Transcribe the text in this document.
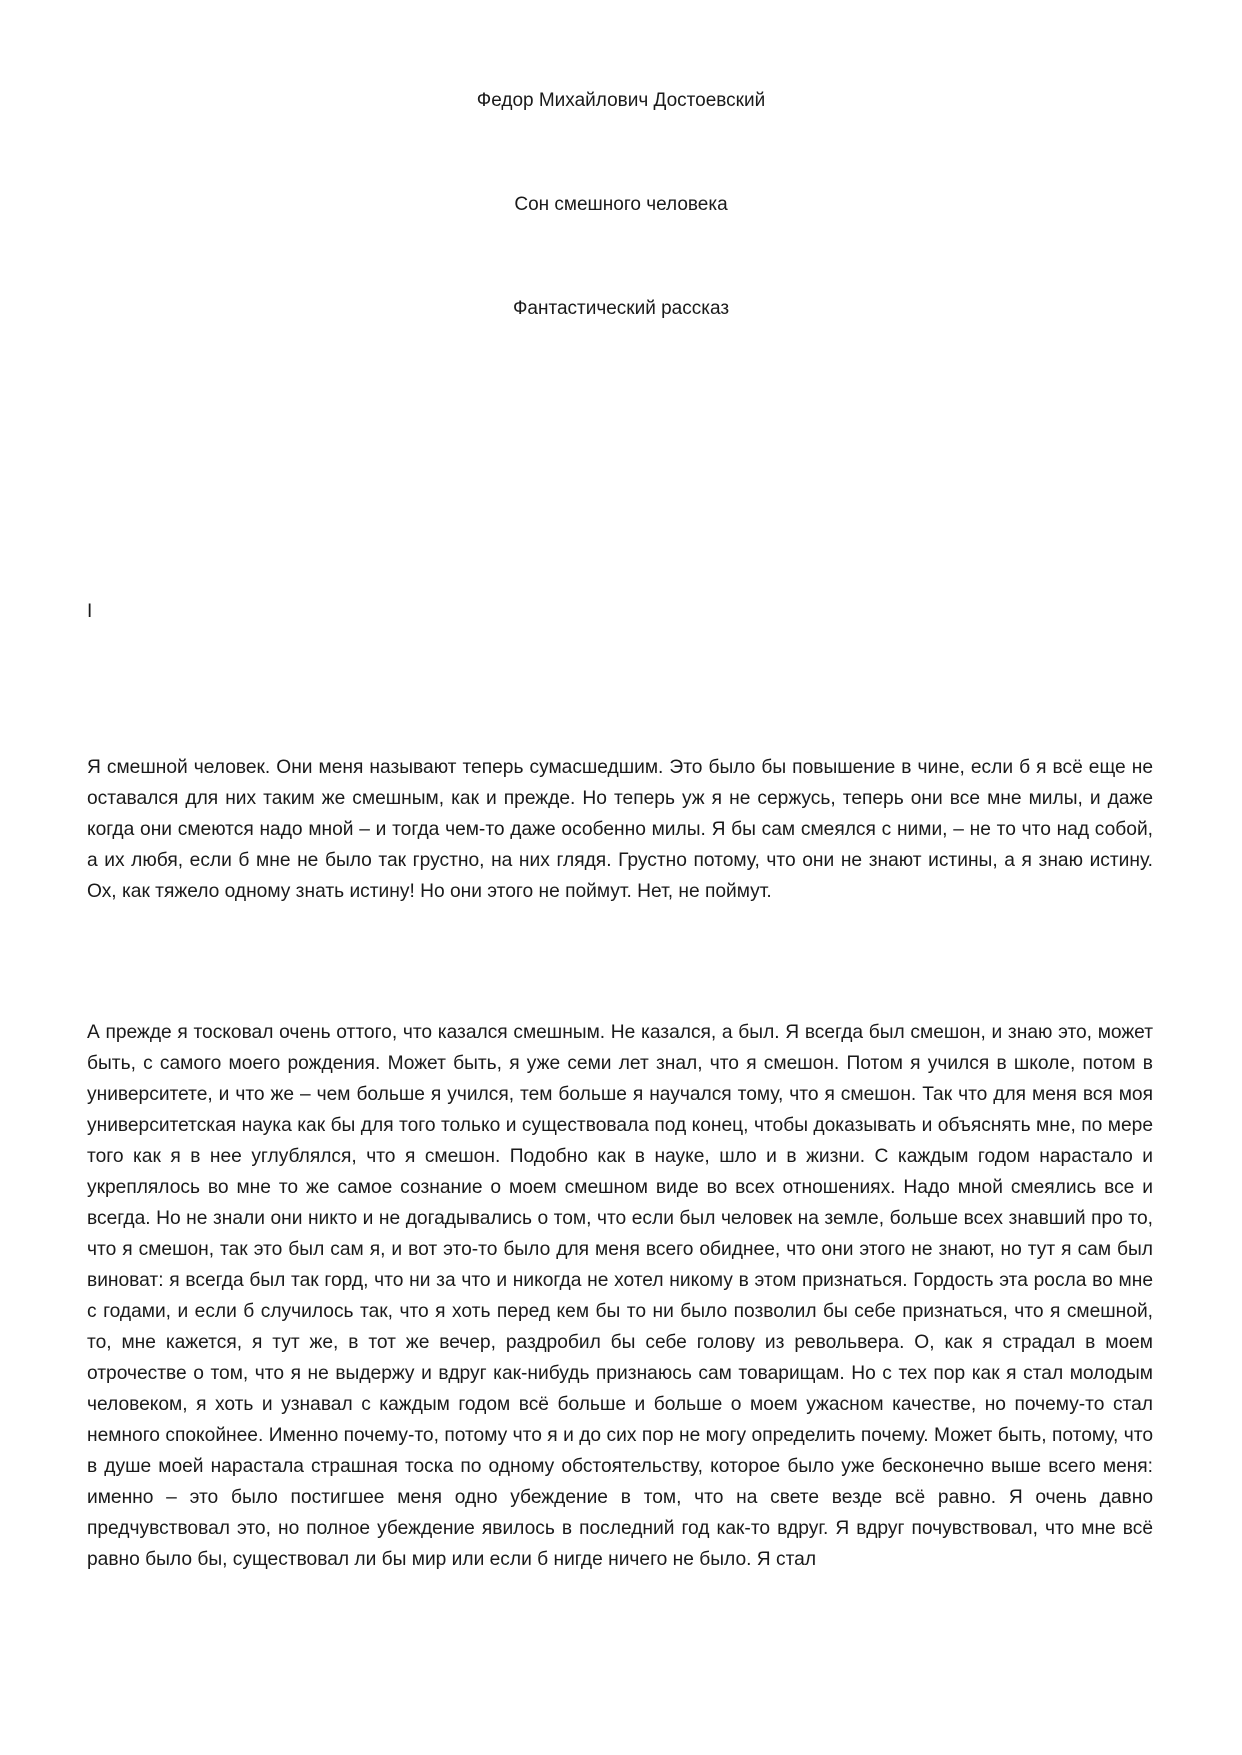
Федор Михайлович Достоевский
Сон смешного человека
Фантастический рассказ
I

Я смешной человек. Они меня называют теперь сумасшедшим. Это было бы повышение в чине, если б я всё еще не оставался для них таким же смешным, как и прежде. Но теперь уж я не сержусь, теперь они все мне милы, и даже когда они смеются надо мной – и тогда чем-то даже особенно милы. Я бы сам смеялся с ними, – не то что над собой, а их любя, если б мне не было так грустно, на них глядя. Грустно потому, что они не знают истины, а я знаю истину. Ох, как тяжело одному знать истину! Но они этого не поймут. Нет, не поймут.

А прежде я тосковал очень оттого, что казался смешным. Не казался, а был. Я всегда был смешон, и знаю это, может быть, с самого моего рождения. Может быть, я уже семи лет знал, что я смешон. Потом я учился в школе, потом в университете, и что же – чем больше я учился, тем больше я научался тому, что я смешон. Так что для меня вся моя университетская наука как бы для того только и существовала под конец, чтобы доказывать и объяснять мне, по мере того как я в нее углублялся, что я смешон. Подобно как в науке, шло и в жизни. С каждым годом нарастало и укреплялось во мне то же самое сознание о моем смешном виде во всех отношениях. Надо мной смеялись все и всегда. Но не знали они никто и не догадывались о том, что если был человек на земле, больше всех знавший про то, что я смешон, так это был сам я, и вот это-то было для меня всего обиднее, что они этого не знают, но тут я сам был виноват: я всегда был так горд, что ни за что и никогда не хотел никому в этом признаться. Гордость эта росла во мне с годами, и если б случилось так, что я хоть перед кем бы то ни было позволил бы себе признаться, что я смешной, то, мне кажется, я тут же, в тот же вечер, раздробил бы себе голову из револьвера. О, как я страдал в моем отрочестве о том, что я не выдержу и вдруг как-нибудь признаюсь сам товарищам. Но с тех пор как я стал молодым человеком, я хоть и узнавал с каждым годом всё больше и больше о моем ужасном качестве, но почему-то стал немного спокойнее. Именно почему-то, потому что я и до сих пор не могу определить почему. Может быть, потому, что в душе моей нарастала страшная тоска по одному обстоятельству, которое было уже бесконечно выше всего меня: именно – это было постигшее меня одно убеждение в том, что на свете везде всё равно. Я очень давно предчувствовал это, но полное убеждение явилось в последний год как-то вдруг. Я вдруг почувствовал, что мне всё равно было бы, существовал ли бы мир или если б нигде ничего не было. Я стал
